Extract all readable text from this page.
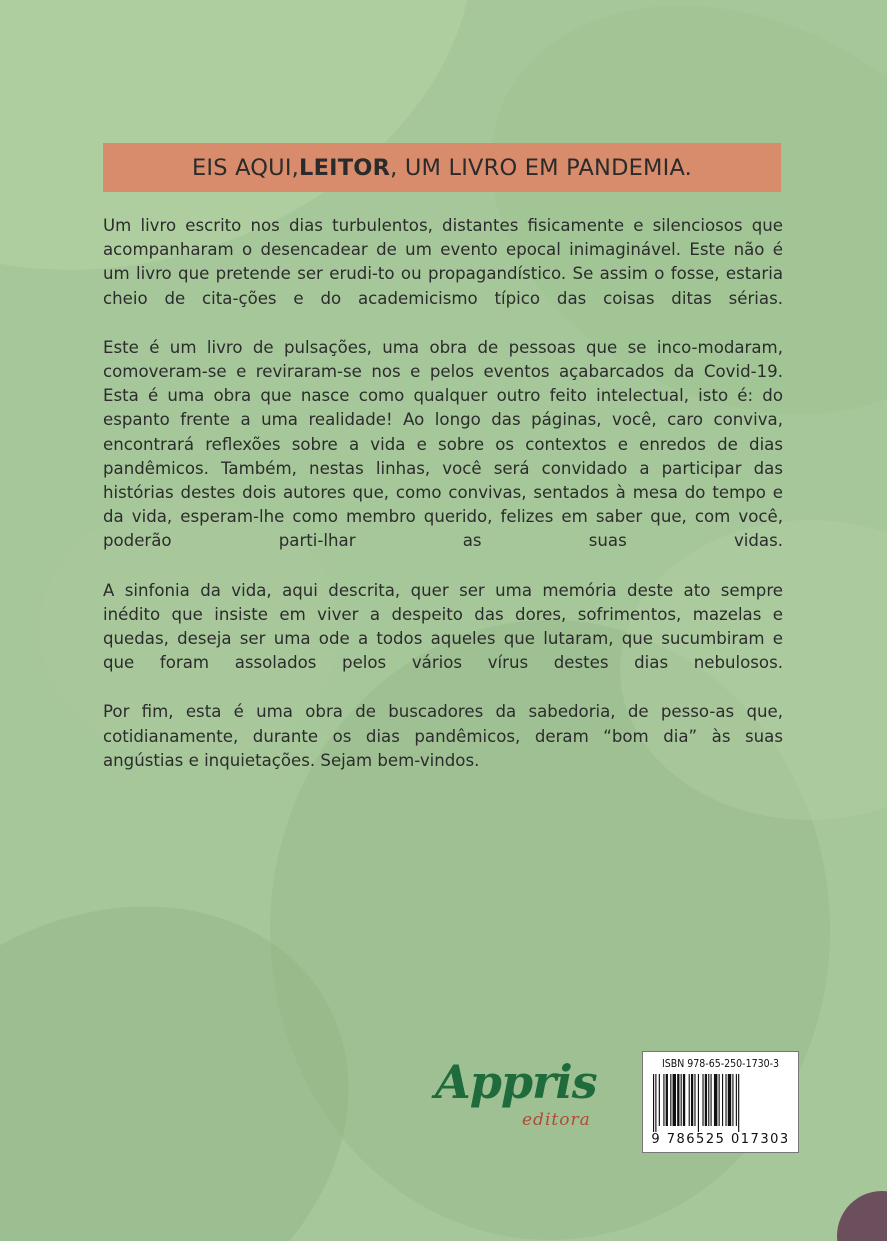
EIS AQUI, LEITOR , UM LIVRO EM PANDEMIA.

Um livro escrito nos dias turbulentos, distantes fisicamente e silenciosos que acompanharam o desencadear de um evento epocal inimaginável. Este não é um livro que pretende ser erudi-to ou propagandístico. Se assim o fosse, estaria cheio de cita-ções e do academicismo típico das coisas ditas sérias.

Este é um livro de pulsações, uma obra de pessoas que se inco-modaram, comoveram-se e reviraram-se nos e pelos eventos açabarcados da Covid-19. Esta é uma obra que nasce como qualquer outro feito intelectual, isto é: do espanto frente a uma realidade! Ao longo das páginas, você, caro conviva, encontrará reflexões sobre a vida e sobre os contextos e enredos de dias pandêmicos. Também, nestas linhas, você será convidado a participar das histórias destes dois autores que, como convivas, sentados à mesa do tempo e da vida, esperam-lhe como membro querido, felizes em saber que, com você, poderão parti-lhar as suas vidas.

A sinfonia da vida, aqui descrita, quer ser uma memória deste ato sempre inédito que insiste em viver a despeito das dores, sofrimentos, mazelas e quedas, deseja ser uma ode a todos aqueles que lutaram, que sucumbiram e que foram assolados pelos vários vírus destes dias nebulosos.

Por fim, esta é uma obra de buscadores da sabedoria, de pesso-as que, cotidianamente, durante os dias pandêmicos, deram “bom dia” às suas angústias e inquietações. Sejam bem-vindos.

Appris
editora
ISBN 978-65-250-1730-3
9 786525 017303
